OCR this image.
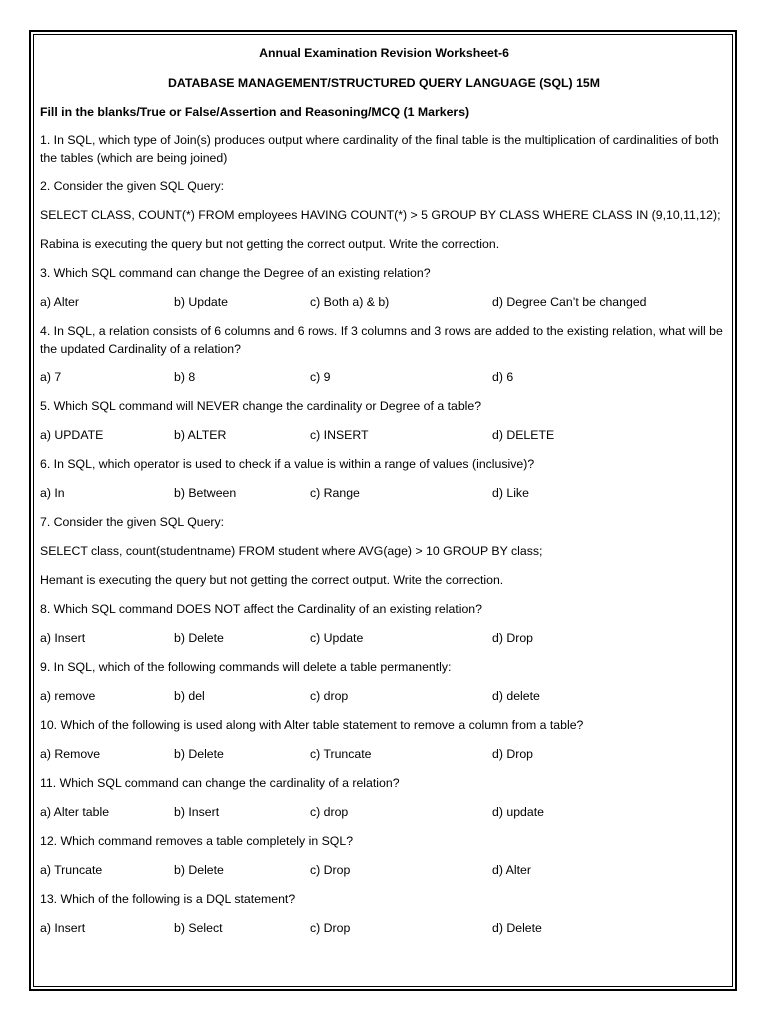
Annual Examination Revision Worksheet-6

DATABASE MANAGEMENT/STRUCTURED QUERY LANGUAGE (SQL) 15M

Fill in the blanks/True or False/Assertion and Reasoning/MCQ (1 Markers)

1. In SQL, which type of Join(s) produces output where cardinality of the final table is the multiplication of cardinalities of both the tables (which are being joined)

2. Consider the given SQL Query:

SELECT CLASS, COUNT(*) FROM employees HAVING COUNT(*) > 5 GROUP BY CLASS WHERE CLASS IN (9,10,11,12);

Rabina is executing the query but not getting the correct output. Write the correction.

3. Which SQL command can change the Degree of an existing relation?

a) Alter	b) Update	c) Both a) & b)	d) Degree Can’t be changed

4. In SQL, a relation consists of 6 columns and 6 rows. If 3 columns and 3 rows are added to the existing relation, what will be the updated Cardinality of a relation?

a) 7	b) 8	c) 9	d) 6

5. Which SQL command will NEVER change the cardinality or Degree of a table?

a) UPDATE	b) ALTER	c) INSERT	d) DELETE

6. In SQL, which operator is used to check if a value is within a range of values (inclusive)?

a) In	b) Between	c) Range	d) Like

7. Consider the given SQL Query:

SELECT class, count(studentname) FROM student where AVG(age) > 10 GROUP BY class;

Hemant is executing the query but not getting the correct output. Write the correction.

8. Which SQL command DOES NOT affect the Cardinality of an existing relation?

a) Insert	b) Delete	c) Update	d) Drop

9. In SQL, which of the following commands will delete a table permanently:

a) remove	b) del	c) drop	d) delete

10. Which of the following is used along with Alter table statement to remove a column from a table?

a) Remove	b) Delete	c) Truncate	d) Drop

11. Which SQL command can change the cardinality of a relation?

a) Alter table	b) Insert	c) drop	d) update

12. Which command removes a table completely in SQL?

a) Truncate	b) Delete	c) Drop	d) Alter

13. Which of the following is a DQL statement?

a) Insert	b) Select	c) Drop	d) Delete
